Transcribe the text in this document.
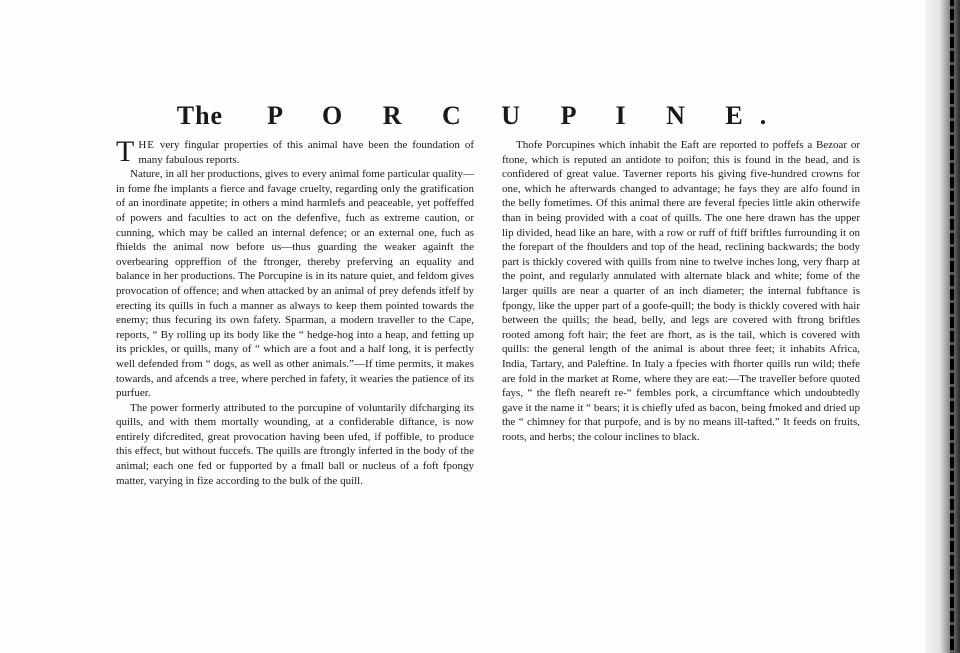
The P O R C U P I N E.

THE very fingular properties of this animal have been the foundation of many fabulous reports.

Nature, in all her productions, gives to every animal fome particular quality—in fome fhe implants a fierce and favage cruelty, regarding only the gratification of an inordinate appetite; in others a mind harmlefs and peaceable, yet poffeffed of powers and faculties to act on the defenfive, fuch as extreme caution, or cunning, which may be called an internal defence; or an external one, fuch as fhields the animal now before us—thus guarding the weaker againft the overbearing oppreffion of the ftronger, thereby preferving an equality and balance in her productions. The Porcupine is in its nature quiet, and feldom gives provocation of offence; and when attacked by an animal of prey defends itfelf by erecting its quills in fuch a manner as always to keep them pointed towards the enemy; thus fecuring its own fafety. Sparman, a modern traveller to the Cape, reports, “ By rolling up its body like the “ hedge-hog into a heap, and fetting up its prickles, or quills, many of “ which are a foot and a half long, it is perfectly well defended from “ dogs, as well as other animals.”—If time permits, it makes towards, and afcends a tree, where perched in fafety, it wearies the patience of its purfuer.

The power formerly attributed to the porcupine of voluntarily difcharging its quills, and with them mortally wounding, at a confiderable diftance, is now entirely difcredited, great provocation having been ufed, if poffible, to produce this effect, but without fuccefs. The quills are ftrongly inferted in the body of the animal; each one fed or fupported by a fmall ball or nucleus of a foft fpongy matter, varying in fize according to the bulk of the quill.

Thofe Porcupines which inhabit the Eaft are reported to poffefs a Bezoar or ftone, which is reputed an antidote to poifon; this is found in the head, and is confidered of great value. Taverner reports his giving five-hundred crowns for one, which he afterwards changed to advantage; he fays they are alfo found in the belly fometimes. Of this animal there are feveral fpecies little akin otherwife than in being provided with a coat of quills. The one here drawn has the upper lip divided, head like an hare, with a row or ruff of ftiff briftles furrounding it on the forepart of the fhoulders and top of the head, reclining backwards; the body part is thickly covered with quills from nine to twelve inches long, very fharp at the point, and regularly annulated with alternate black and white; fome of the larger quills are near a quarter of an inch diameter; the internal fubftance is fpongy, like the upper part of a goofe-quill; the body is thickly covered with hair between the quills; the head, belly, and legs are covered with ftrong briftles rooted among foft hair; the feet are fhort, as is the tail, which is covered with quills: the general length of the animal is about three feet; it inhabits Africa, India, Tartary, and Paleftine. In Italy a fpecies with fhorter quills run wild; thefe are fold in the market at Rome, where they are eat:—The traveller before quoted fays, “ the flefh neareft re-“ fembles pork, a circumftance which undoubtedly gave it the name it “ bears; it is chiefly ufed as bacon, being fmoked and dried up the “ chimney for that purpofe, and is by no means ill-tafted.” It feeds on fruits, roots, and herbs; the colour inclines to black.
